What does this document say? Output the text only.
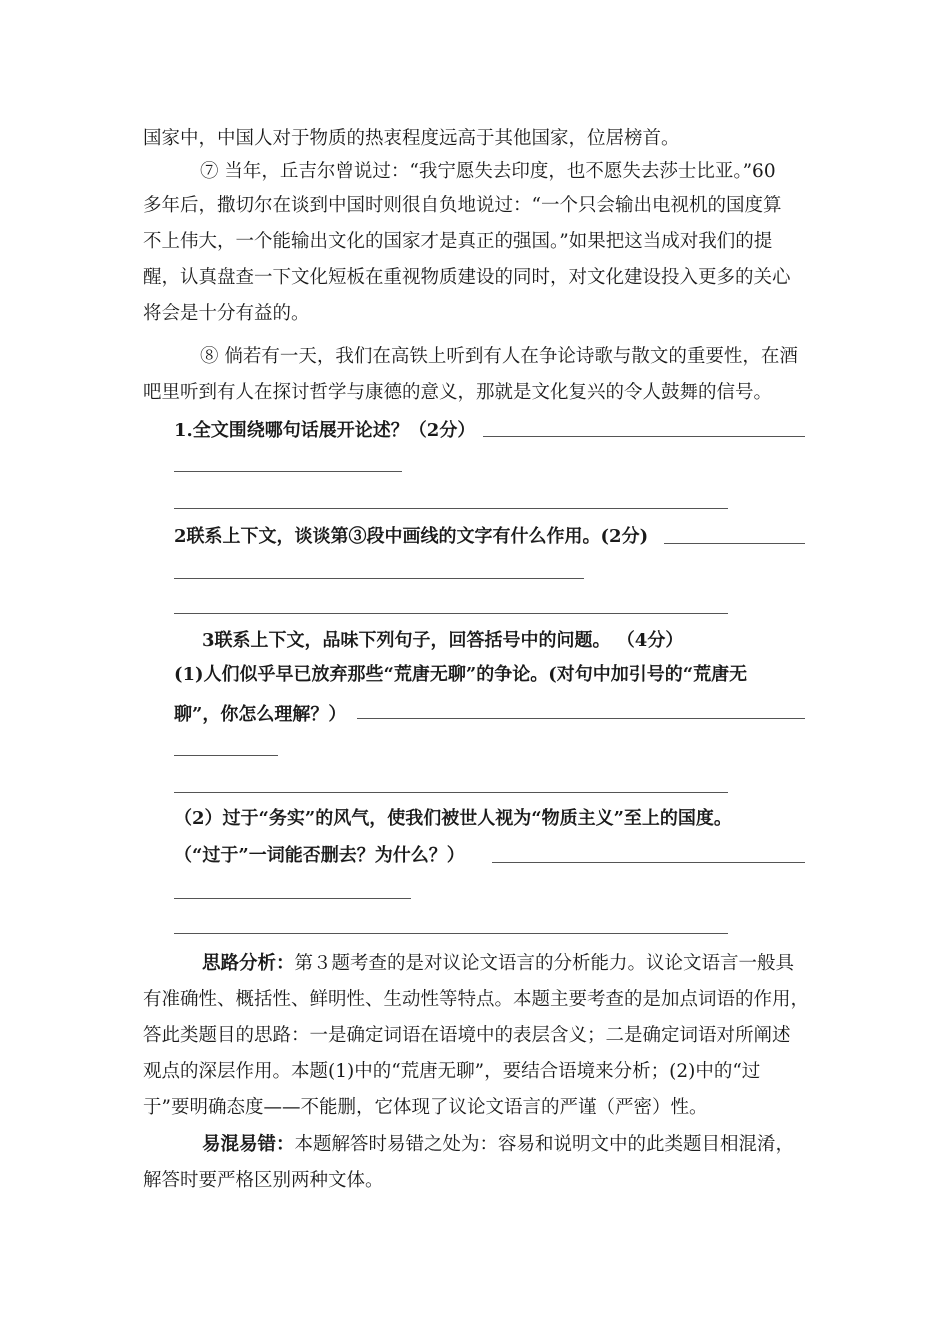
国家中，中国人对于物质的热衷程度远高于其他国家，位居榜首。
⑦ 当年，丘吉尔曾说过：“我宁愿失去印度，也不愿失去莎士比亚。”60
多年后，撒切尔在谈到中国时则很自负地说过：“一个只会输出电视机的国度算
不上伟大，一个能输出文化的国家才是真正的强国。”如果把这当成对我们的提
醒，认真盘查一下文化短板在重视物质建设的同时，对文化建设投入更多的关心
将会是十分有益的。
⑧ 倘若有一天，我们在高铁上听到有人在争论诗歌与散文的重要性，在酒
吧里听到有人在探讨哲学与康德的意义，那就是文化复兴的令人鼓舞的信号。
1.全文围绕哪句话展开论述？（2分）
2联系上下文，谈谈第③段中画线的文字有什么作用。(2分)
3联系上下文，品味下列句子，回答括号中的问题。 （4分）
(1)人们似乎早已放弃那些“荒唐无聊”的争论。(对句中加引号的“荒唐无
聊”，你怎么理解？）
（2）过于“务实”的风气，使我们被世人视为“物质主义”至上的国度。
（“过于”一词能否删去？为什么？）
思路分析：第３题考查的是对议论文语言的分析能力。议论文语言一般具
有准确性、概括性、鲜明性、生动性等特点。本题主要考查的是加点词语的作用，
答此类题目的思路：一是确定词语在语境中的表层含义；二是确定词语对所阐述
观点的深层作用。本题(1)中的“荒唐无聊”，要结合语境来分析；(2)中的“过
于”要明确态度——不能删，它体现了议论文语言的严谨（严密）性。
易混易错：本题解答时易错之处为：容易和说明文中的此类题目相混淆，
解答时要严格区别两种文体。
